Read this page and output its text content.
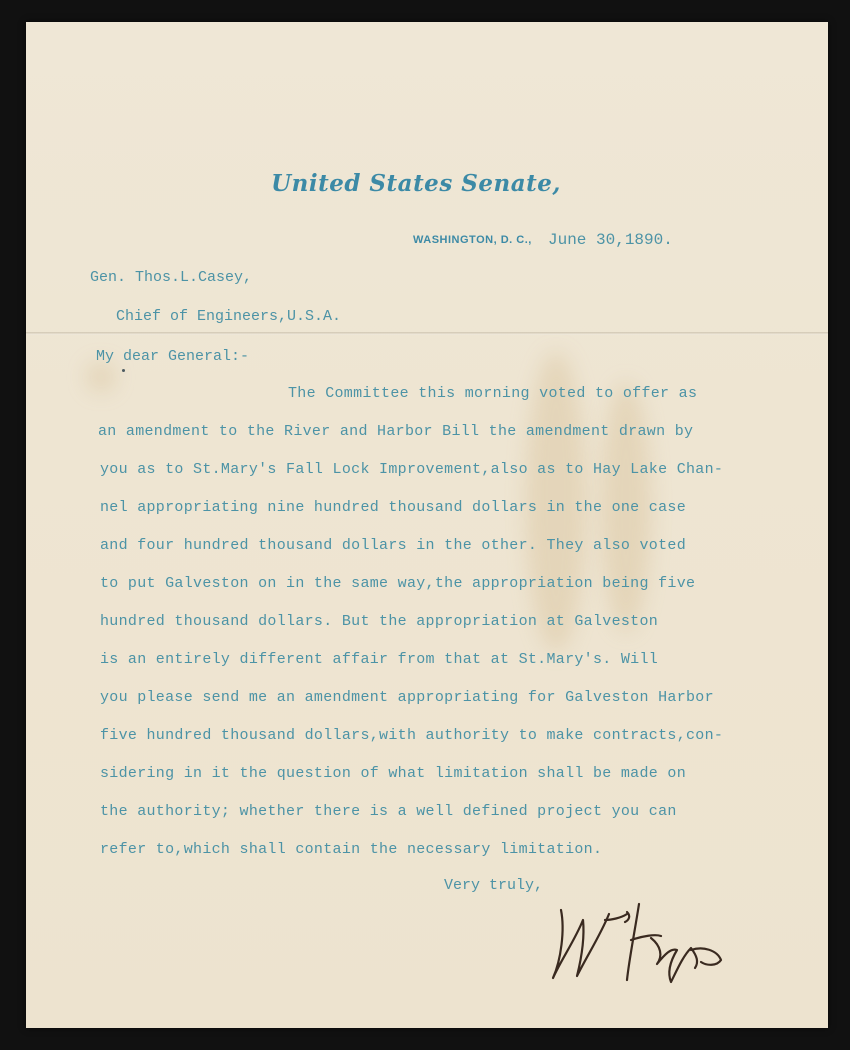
United States Senate,
WASHINGTON, D. C., June 30,1890.
Gen. Thos.L.Casey,
Chief of Engineers,U.S.A.
My dear General:-
The Committee this morning voted to offer as
an amendment to the River and Harbor Bill the amendment drawn by
you as to St.Mary's Fall Lock Improvement,also as to Hay Lake Chan-
nel appropriating nine hundred thousand dollars in the one case
and four hundred thousand dollars in the other. They also voted
to put Galveston on in the same way,the appropriation being five
hundred thousand dollars. But the appropriation at Galveston
is an entirely different affair from that at St.Mary's. Will
you please send me an amendment appropriating for Galveston Harbor
five hundred thousand dollars,with authority to make contracts,con-
sidering in it the question of what limitation shall be made on
the authority; whether there is a well defined project you can
refer to,which shall contain the necessary limitation.
Very truly,
